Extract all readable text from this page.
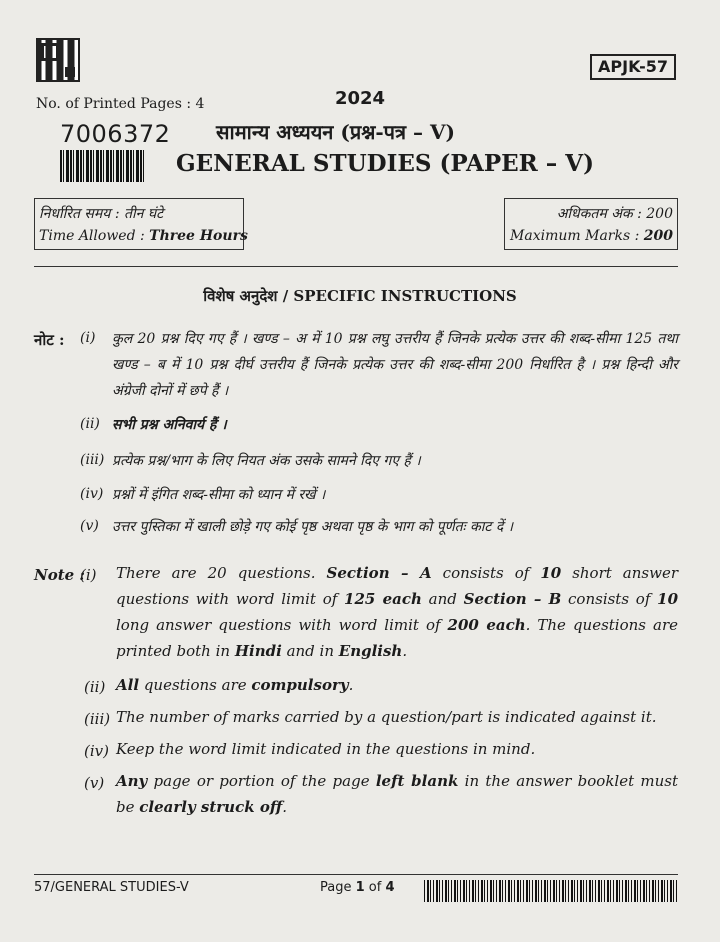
APJK-57
No. of Printed Pages : 4	2024
7006372 सामान्य अध्ययन (प्रश्न-पत्र – V)
GENERAL STUDIES (PAPER – V)
निर्धारित समय : तीन घंटे
Time Allowed : Three Hours
अधिकतम अंक : 200
Maximum Marks : 200
विशेष अनुदेश / SPECIFIC INSTRUCTIONS
नोट : (i) कुल 20 प्रश्न दिए गए हैं । खण्ड – अ में 10 प्रश्न लघु उत्तरीय हैं जिनके प्रत्येक उत्तर की शब्द-सीमा 125 तथा खण्ड – ब में 10 प्रश्न दीर्घ उत्तरीय हैं जिनके प्रत्येक उत्तर की शब्द-सीमा 200 निर्धारित है । प्रश्न हिन्दी और अंग्रेजी दोनों में छपे हैं ।
(ii) सभी प्रश्न अनिवार्य हैं ।
(iii) प्रत्येक प्रश्न/भाग के लिए नियत अंक उसके सामने दिए गए हैं ।
(iv) प्रश्नों में इंगित शब्द-सीमा को ध्यान में रखें ।
(v) उत्तर पुस्तिका में खाली छोड़े गए कोई पृष्ठ अथवा पृष्ठ के भाग को पूर्णतः काट दें ।
Note :
(i) There are 20 questions. Section – A consists of 10 short answer questions with word limit of 125 each and Section – B consists of 10 long answer questions with word limit of 200 each. The questions are printed both in Hindi and in English.
(ii) All questions are compulsory.
(iii) The number of marks carried by a question/part is indicated against it.
(iv) Keep the word limit indicated in the questions in mind.
(v) Any page or portion of the page left blank in the answer booklet must be clearly struck off.
57/GENERAL STUDIES-V	Page 1 of 4
